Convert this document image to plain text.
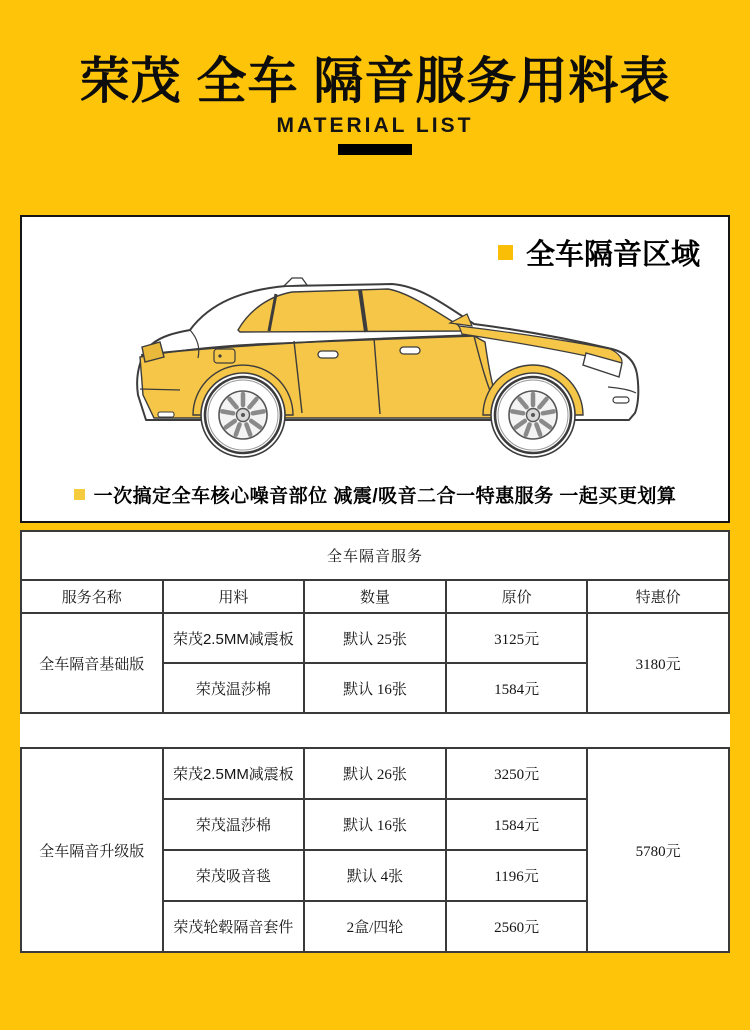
荣茂 全车 隔音服务用料表
MATERIAL LIST
全车隔音区域
一次搞定全车核心噪音部位 减震/吸音二合一特惠服务 一起买更划算
全车隔音服务				
服务名称	用料	数量	原价	特惠价
全车隔音基础版	荣茂2.5MM减震板	默认 25张	3125元	3180元
	荣茂温莎棉	默认 16张	1584元	
全车隔音升级版	荣茂2.5MM减震板	默认 26张	3250元	5780元
	荣茂温莎棉	默认 16张	1584元	
	荣茂吸音毯	默认 4张	1196元	
	荣茂轮毂隔音套件	2盒/四轮	2560元	
